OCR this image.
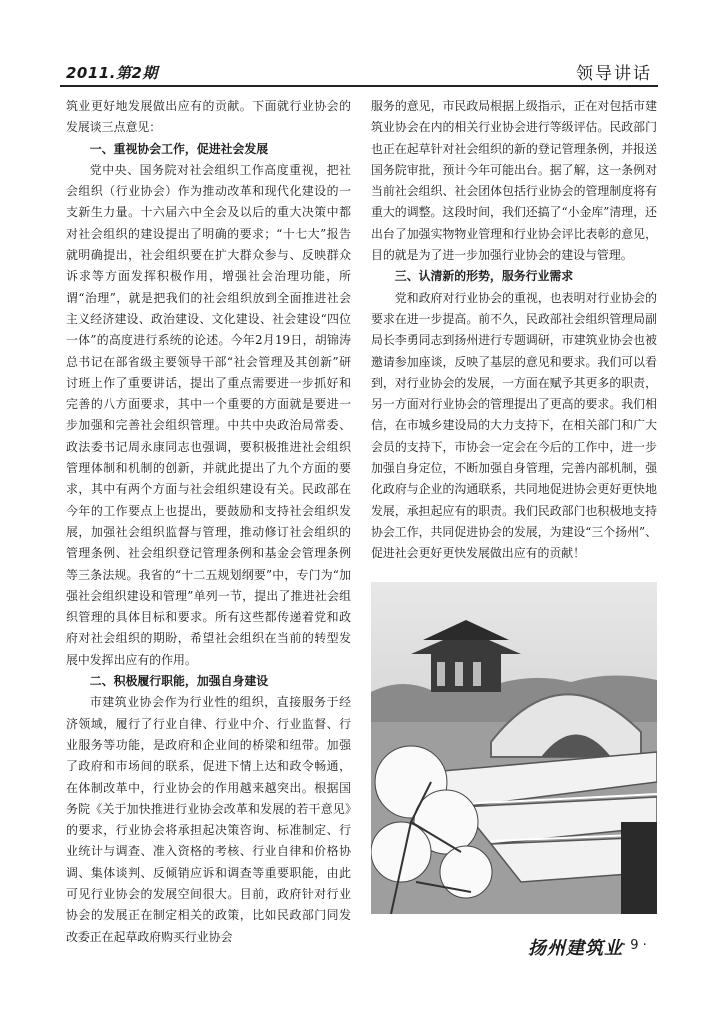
2011.第2期	领导讲话

筑业更好地发展做出应有的贡献。下面就行业协会的发展谈三点意见：

一、重视协会工作，促进社会发展

党中央、国务院对社会组织工作高度重视，把社会组织（行业协会）作为推动改革和现代化建设的一支新生力量。十六届六中全会及以后的重大决策中都对社会组织的建设提出了明确的要求；“十七大”报告就明确提出，社会组织要在扩大群众参与、反映群众诉求等方面发挥积极作用，增强社会治理功能，所谓“治理”，就是把我们的社会组织放到全面推进社会主义经济建设、政治建设、文化建设、社会建设“四位一体”的高度进行系统的论述。今年2月19日，胡锦涛总书记在部省级主要领导干部“社会管理及其创新”研讨班上作了重要讲话，提出了重点需要进一步抓好和完善的八方面要求，其中一个重要的方面就是要进一步加强和完善社会组织管理。中共中央政治局常委、政法委书记周永康同志也强调，要积极推进社会组织管理体制和机制的创新，并就此提出了九个方面的要求，其中有两个方面与社会组织建设有关。民政部在今年的工作要点上也提出，要鼓励和支持社会组织发展，加强社会组织监督与管理，推动修订社会组织的管理条例、社会组织登记管理条例和基金会管理条例等三条法规。我省的“十二五规划纲要”中，专门为“加强社会组织建设和管理”单列一节，提出了推进社会组织管理的具体目标和要求。所有这些都传递着党和政府对社会组织的期盼，希望社会组织在当前的转型发展中发挥出应有的作用。

二、积极履行职能，加强自身建设

市建筑业协会作为行业性的组织，直接服务于经济领域，履行了行业自律、行业中介、行业监督、行业服务等功能，是政府和企业间的桥梁和纽带。加强了政府和市场间的联系，促进下情上达和政令畅通，在体制改革中，行业协会的作用越来越突出。根据国务院《关于加快推进行业协会改革和发展的若干意见》的要求，行业协会将承担起决策咨询、标准制定、行业统计与调查、准入资格的考核、行业自律和价格协调、集体谈判、反倾销应诉和调查等重要职能，由此可见行业协会的发展空间很大。目前，政府针对行业协会的发展正在制定相关的政策，比如民政部门同发改委正在起草政府购买行业协会

服务的意见，市民政局根据上级指示，正在对包括市建筑业协会在内的相关行业协会进行等级评估。民政部门也正在起草针对社会组织的新的登记管理条例，并报送国务院审批，预计今年可能出台。据了解，这一条例对当前社会组织、社会团体包括行业协会的管理制度将有重大的调整。这段时间，我们还搞了“小金库”清理，还出台了加强实物物业管理和行业协会评比表彰的意见，目的就是为了进一步加强行业协会的建设与管理。

三、认清新的形势，服务行业需求

党和政府对行业协会的重视，也表明对行业协会的要求在进一步提高。前不久，民政部社会组织管理局副局长李勇同志到扬州进行专题调研，市建筑业协会也被邀请参加座谈，反映了基层的意见和要求。我们可以看到，对行业协会的发展，一方面在赋予其更多的职责，另一方面对行业协会的管理提出了更高的要求。我们相信，在市城乡建设局的大力支持下，在相关部门和广大会员的支持下，市协会一定会在今后的工作中，进一步加强自身定位，不断加强自身管理，完善内部机制，强化政府与企业的沟通联系，共同地促进协会更好更快地发展，承担起应有的职责。我们民政部门也积极地支持协会工作，共同促进协会的发展，为建设“三个扬州”、促进社会更好更快发展做出应有的贡献！

扬州建筑业 · 9 ·
